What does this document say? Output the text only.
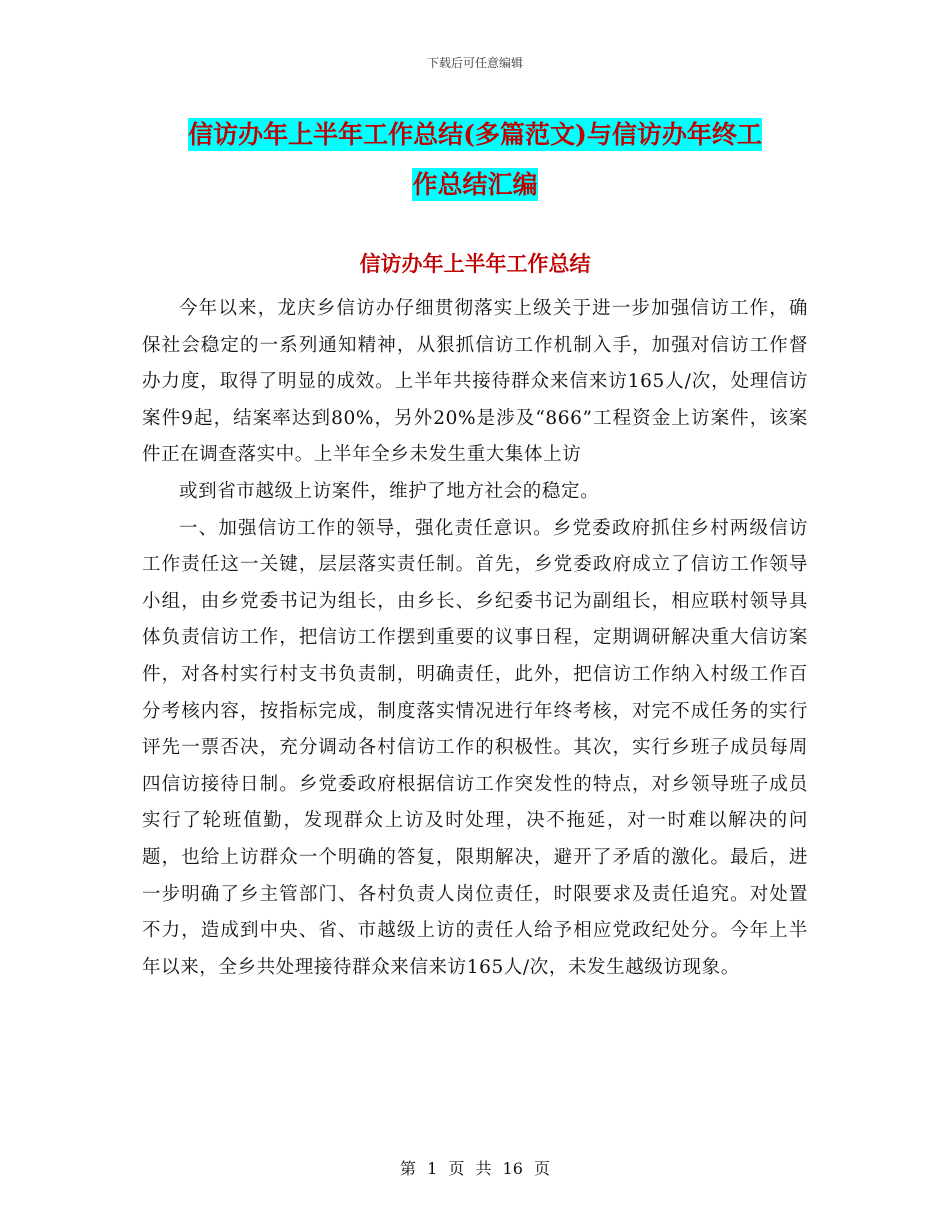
下载后可任意编辑
信访办年上半年工作总结(多篇范文)与信访办年终工
作总结汇编
信访办年上半年工作总结

今年以来，龙庆乡信访办仔细贯彻落实上级关于进一步加强信访工作，确保社会稳定的一系列通知精神，从狠抓信访工作机制入手，加强对信访工作督办力度，取得了明显的成效。上半年共接待群众来信来访165人/次，处理信访案件9起，结案率达到80%，另外20%是涉及“866”工程资金上访案件，该案件正在调查落实中。上半年全乡未发生重大集体上访

或到省市越级上访案件，维护了地方社会的稳定。

一、加强信访工作的领导，强化责任意识。乡党委政府抓住乡村两级信访工作责任这一关键，层层落实责任制。首先，乡党委政府成立了信访工作领导小组，由乡党委书记为组长，由乡长、乡纪委书记为副组长，相应联村领导具体负责信访工作，把信访工作摆到重要的议事日程，定期调研解决重大信访案件，对各村实行村支书负责制，明确责任，此外，把信访工作纳入村级工作百分考核内容，按指标完成，制度落实情况进行年终考核，对完不成任务的实行评先一票否决，充分调动各村信访工作的积极性。其次，实行乡班子成员每周四信访接待日制。乡党委政府根据信访工作突发性的特点，对乡领导班子成员实行了轮班值勤，发现群众上访及时处理，决不拖延，对一时难以解决的问题，也给上访群众一个明确的答复，限期解决，避开了矛盾的激化。最后，进一步明确了乡主管部门、各村负责人岗位责任，时限要求及责任追究。对处置不力，造成到中央、省、市越级上访的责任人给予相应党政纪处分。今年上半年以来，全乡共处理接待群众来信来访165人/次，未发生越级访现象。

第 1 页 共 16 页
